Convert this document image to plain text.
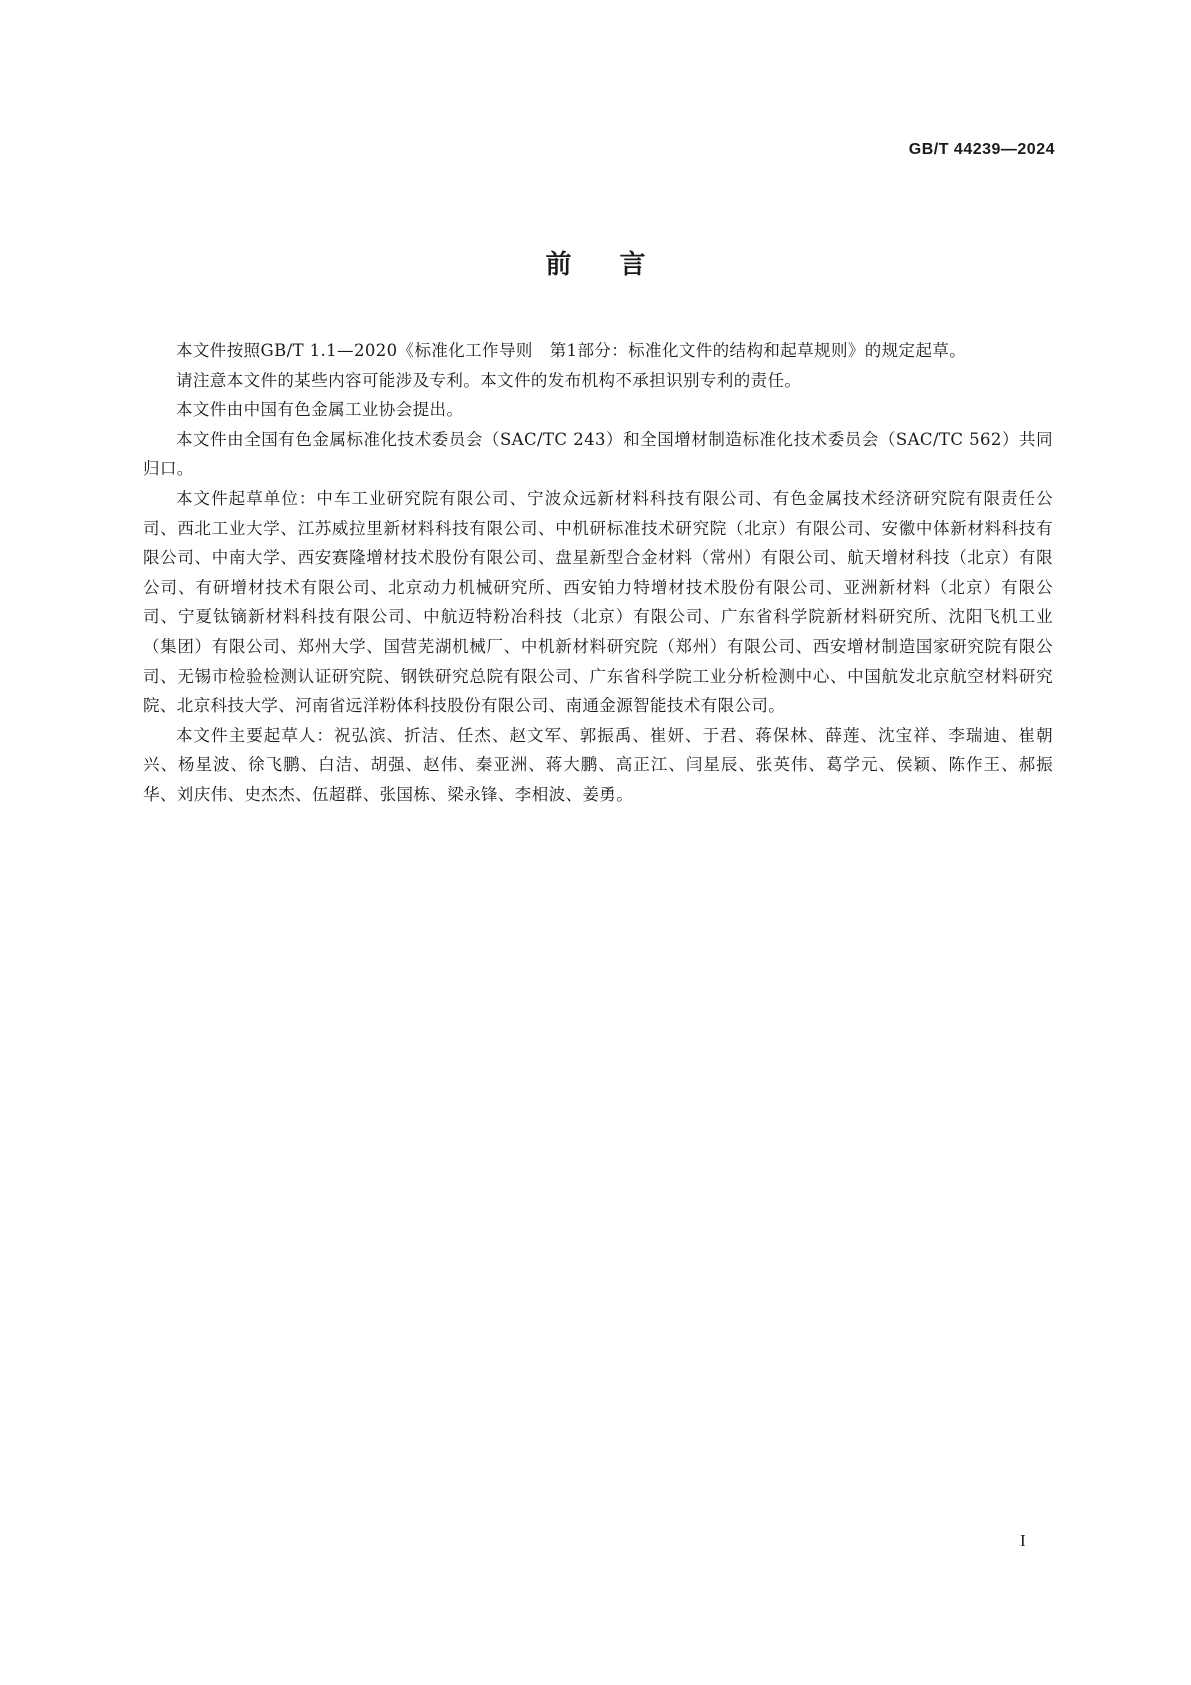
GB/T 44239—2024
前言

本文件按照GB/T 1.1—2020《标准化工作导则　第1部分：标准化文件的结构和起草规则》的规定起草。

请注意本文件的某些内容可能涉及专利。本文件的发布机构不承担识别专利的责任。

本文件由中国有色金属工业协会提出。

本文件由全国有色金属标准化技术委员会（SAC/TC 243）和全国增材制造标准化技术委员会（SAC/TC 562）共同归口。

本文件起草单位：中车工业研究院有限公司、宁波众远新材料科技有限公司、有色金属技术经济研究院有限责任公司、西北工业大学、江苏威拉里新材料科技有限公司、中机研标准技术研究院（北京）有限公司、安徽中体新材料科技有限公司、中南大学、西安赛隆增材技术股份有限公司、盘星新型合金材料（常州）有限公司、航天增材科技（北京）有限公司、有研增材技术有限公司、北京动力机械研究所、西安铂力特增材技术股份有限公司、亚洲新材料（北京）有限公司、宁夏钛镝新材料科技有限公司、中航迈特粉冶科技（北京）有限公司、广东省科学院新材料研究所、沈阳飞机工业（集团）有限公司、郑州大学、国营芜湖机械厂、中机新材料研究院（郑州）有限公司、西安增材制造国家研究院有限公司、无锡市检验检测认证研究院、钢铁研究总院有限公司、广东省科学院工业分析检测中心、中国航发北京航空材料研究院、北京科技大学、河南省远洋粉体科技股份有限公司、南通金源智能技术有限公司。

本文件主要起草人：祝弘滨、折洁、任杰、赵文军、郭振禹、崔妍、于君、蒋保林、薛莲、沈宝祥、李瑞迪、崔朝兴、杨星波、徐飞鹏、白洁、胡强、赵伟、秦亚洲、蒋大鹏、高正江、闫星辰、张英伟、葛学元、侯颖、陈作王、郝振华、刘庆伟、史杰杰、伍超群、张国栋、梁永锋、李相波、姜勇。

I
